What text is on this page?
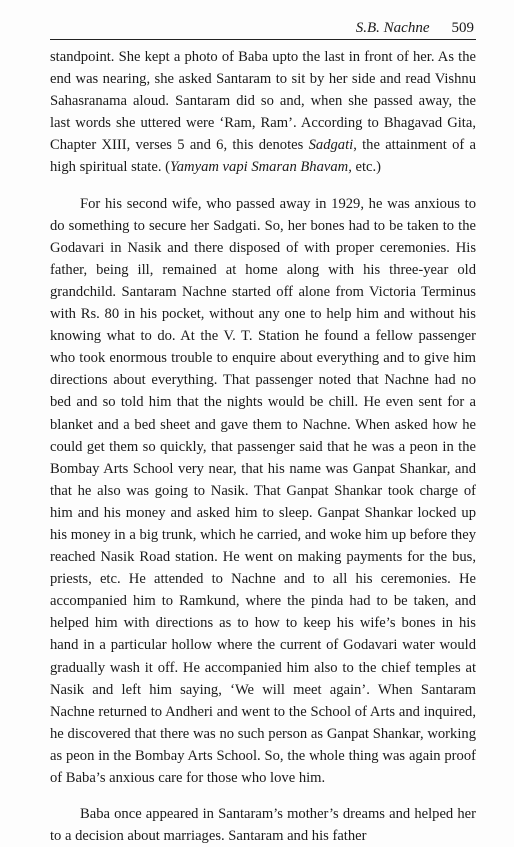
S.B. Nachne 509

standpoint. She kept a photo of Baba upto the last in front of her. As the end was nearing, she asked Santaram to sit by her side and read Vishnu Sahasranama aloud. Santaram did so and, when she passed away, the last words she uttered were ‘Ram, Ram’. According to Bhagavad Gita, Chapter XIII, verses 5 and 6, this denotes Sadgati, the attainment of a high spiritual state. (Yamyam vapi Smaran Bhavam, etc.)

For his second wife, who passed away in 1929, he was anxious to do something to secure her Sadgati. So, her bones had to be taken to the Godavari in Nasik and there disposed of with proper ceremonies. His father, being ill, remained at home along with his three-year old grandchild. Santaram Nachne started off alone from Victoria Terminus with Rs. 80 in his pocket, without any one to help him and without his knowing what to do. At the V. T. Station he found a fellow passenger who took enormous trouble to enquire about everything and to give him directions about everything. That passenger noted that Nachne had no bed and so told him that the nights would be chill. He even sent for a blanket and a bed sheet and gave them to Nachne. When asked how he could get them so quickly, that passenger said that he was a peon in the Bombay Arts School very near, that his name was Ganpat Shankar, and that he also was going to Nasik. That Ganpat Shankar took charge of him and his money and asked him to sleep. Ganpat Shankar locked up his money in a big trunk, which he carried, and woke him up before they reached Nasik Road station. He went on making payments for the bus, priests, etc. He attended to Nachne and to all his ceremonies. He accompanied him to Ramkund, where the pinda had to be taken, and helped him with directions as to how to keep his wife’s bones in his hand in a particular hollow where the current of Godavari water would gradually wash it off. He accompanied him also to the chief temples at Nasik and left him saying, ‘We will meet again’. When Santaram Nachne returned to Andheri and went to the School of Arts and inquired, he discovered that there was no such person as Ganpat Shankar, working as peon in the Bombay Arts School. So, the whole thing was again proof of Baba’s anxious care for those who love him.

Baba once appeared in Santaram’s mother’s dreams and helped her to a decision about marriages. Santaram and his father
